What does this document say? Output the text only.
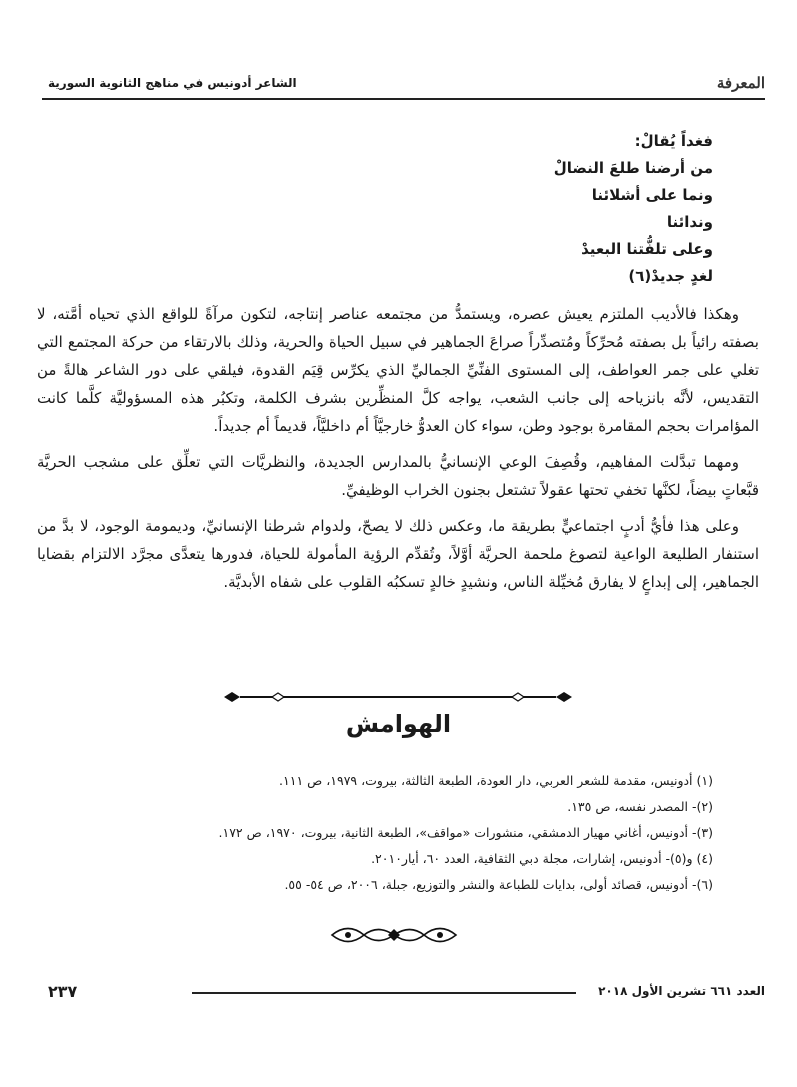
المعرفة
الشاعر أدونيس في مناهج الثانوية السورية
فغداً يُقالْ:
من أرضنا طلعَ النضالْ
ونما على أشلائنا
وندائنا
وعلى تلفُّتنا البعيدْ
لغدٍ جديدْ(٦)

وهكذا فالأديب الملتزم يعيش عصره، ويستمدُّ من مجتمعه عناصر إنتاجه، لتكون مرآةً للواقع الذي تحياه أمَّته، لا بصفته رائياً بل بصفته مُحرِّكاً ومُتصدِّراً صراعَ الجماهير في سبيل الحياة والحرية، وذلك بالارتقاء من حركة المجتمع التي تغلي على جمر العواطف، إلى المستوى الفنِّيِّ الجماليِّ الذي يكرِّس قِيَم القدوة، فيلقي على دور الشاعر هالةً من التقديس، لأنَّه بانزياحه إلى جانب الشعب، يواجه كلَّ المنظِّرين بشرف الكلمة، وتكبُر هذه المسؤوليَّة كلَّما كانت المؤامرات بحجم المقامرة بوجود وطن، سواء كان العدوُّ خارجيَّاً أم داخليَّاً، قديماً أم جديداً.

ومهما تبدَّلت المفاهيم، وقُصِفَ الوعي الإنسانيُّ بالمدارس الجديدة، والنظريَّات التي تعلِّق على مشجب الحريَّة قبَّعاتٍ بيضاً، لكنَّها تخفي تحتها عقولاً تشتعل بجنون الخراب الوظيفيِّ.

وعلى هذا فأيُّ أدبٍ اجتماعيٍّ بطريقة ما، وعكس ذلك لا يصحّ، ولدوام شرطنا الإنسانيِّ، وديمومة الوجود، لا بدَّ من استنفار الطليعة الواعية لتصوغ ملحمة الحريَّة أوَّلاً، وتُقدِّم الرؤية المأمولة للحياة، فدورها يتعدَّى مجرَّد الالتزام بقضايا الجماهير، إلى إبداعٍ لا يفارق مُخيِّلة الناس، ونشيدٍ خالدٍ تسكبُه القلوب على شفاه الأبديَّة.

الهوامش
(١) أدونيس، مقدمة للشعر العربي، دار العودة، الطبعة الثالثة، بيروت، ١٩٧٩، ص ١١١.
(٢)- المصدر نفسه، ص ١٣٥.
(٣)- أدونيس، أغاني مهيار الدمشقي، منشورات «مواقف»، الطبعة الثانية، بيروت، ١٩٧٠، ص ١٧٢.
(٤) و(٥)- أدونيس، إشارات، مجلة دبي الثقافية، العدد ٦٠، أيار٢٠١٠.
(٦)- أدونيس، قصائد أولى، بدايات للطباعة والنشر والتوزيع، جبلة، ٢٠٠٦، ص ٥٤- ٥٥.
٢٣٧	العدد ٦٦١ تشرين الأول ٢٠١٨
